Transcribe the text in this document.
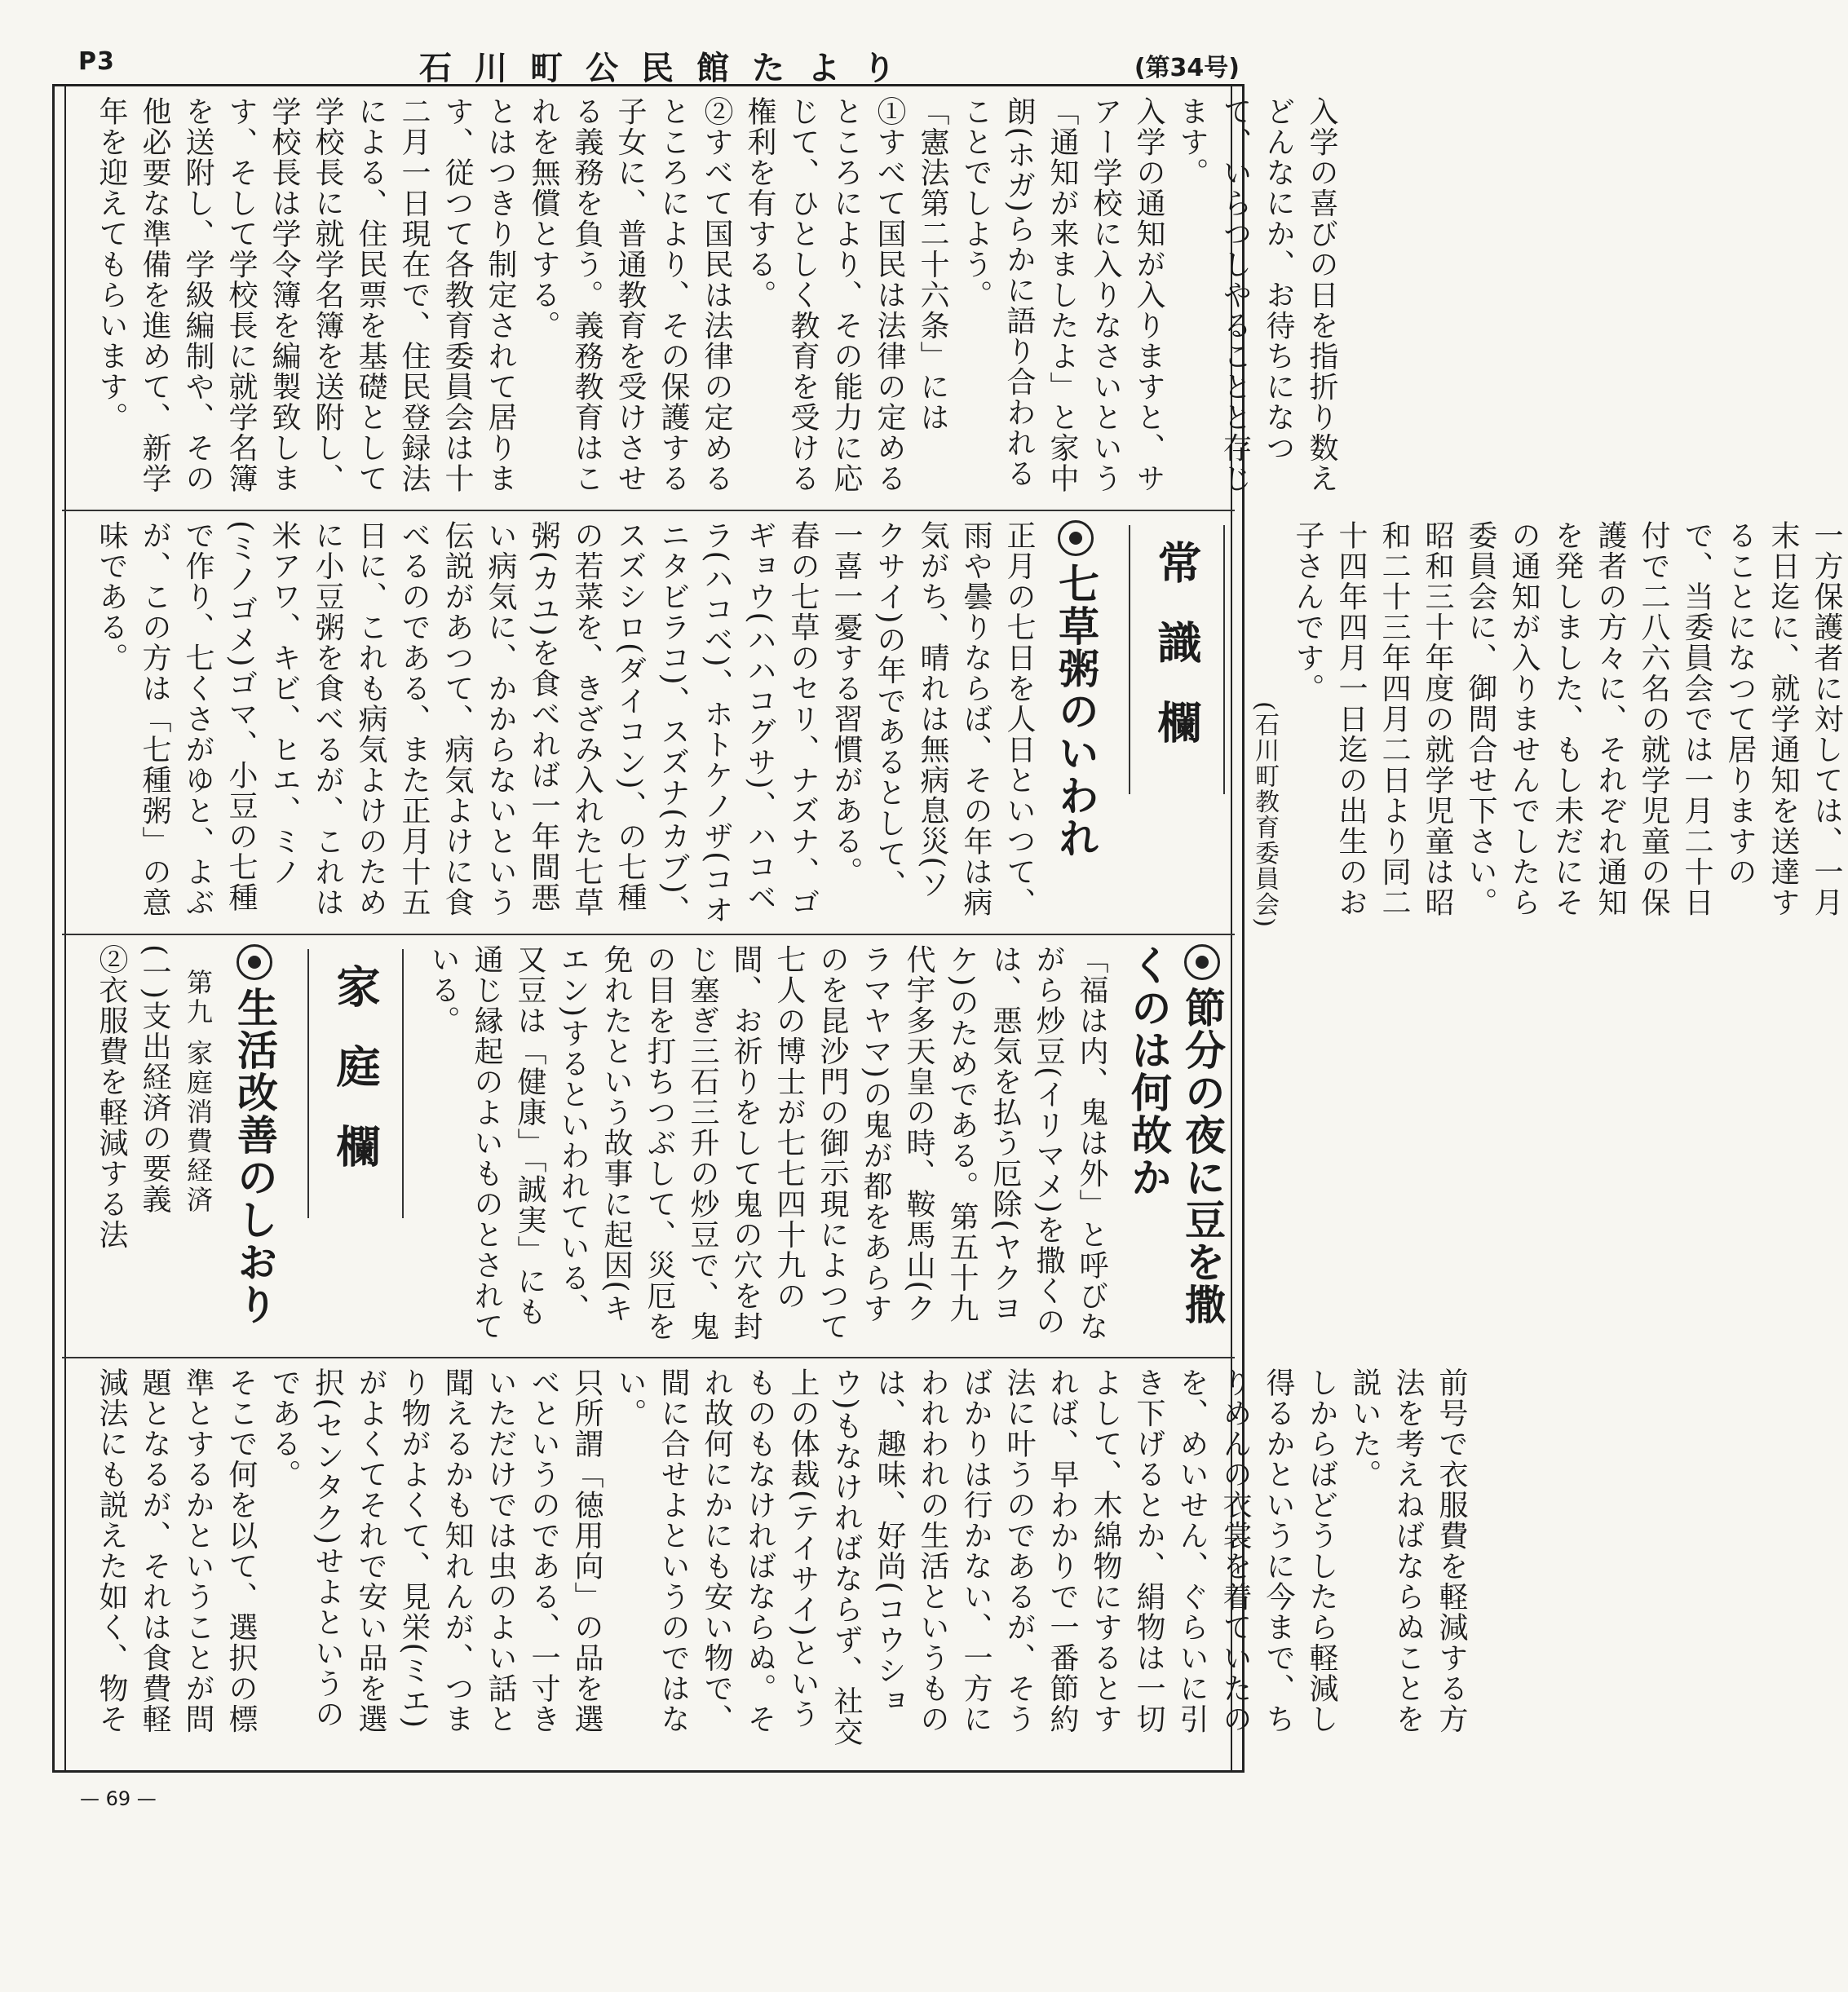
P3	石川町公民館たより	(第34号)

入学の喜びの日を指折り数えどんなにか、お待ちになつて、いらつしやることと存じます。

入学の通知が入りますと、サアー学校に入りなさいという「通知が来ましたよ」と家中朗(ホガ)らかに語り合われることでしよう。

「憲法第二十六条」には

①すべて国民は法律の定めるところにより、その能力に応じて、ひとしく教育を受ける権利を有する。

②すべて国民は法律の定めるところにより、その保護する子女に、普通教育を受けさせる義務を負う。義務教育はこれを無償とする。

とはつきり制定されて居ります、従つて各教育委員会は十二月一日現在で、住民登録法による、住民票を基礎として学校長に就学名簿を送附し、学校長は学令簿を編製致します、そして学校長に就学名簿を送附し、学級編制や、その他必要な準備を進めて、新学年を迎えてもらいます。

一方保護者に対しては、一月末日迄に、就学通知を送達することになつて居りますので、当委員会では一月二十日付で二八六名の就学児童の保護者の方々に、それぞれ通知を発しました、もし未だにその通知が入りませんでしたら委員会に、御問合せ下さい。

昭和三十年度の就学児童は昭和二十三年四月二日より同二十四年四月一日迄の出生のお子さんです。

(石川町教育委員会)

常識欄
七草粥のいわれ

正月の七日を人日といつて、雨や曇りならば、その年は病気がち、晴れは無病息災(ソクサイ)の年であるとして、一喜一憂する習慣がある。

春の七草のセリ、ナズナ、ゴギョウ(ハハコグサ)、ハコベラ(ハコベ)、ホトケノザ(コオニタビラコ)、スズナ(カブ)、スズシロ(ダイコン)、の七種の若菜を、きざみ入れた七草粥(カユ)を食べれば一年間悪い病気に、かからないという伝説があつて、病気よけに食べるのである、また正月十五日に、これも病気よけのために小豆粥を食べるが、これは米アワ、キビ、ヒエ、ミノ(ミノゴメ)ゴマ、小豆の七種で作り、七くさがゆと、よぶが、この方は「七種粥」の意味である。

節分の夜に豆を撒くのは何故か

「福は内、鬼は外」と呼びながら炒豆(イリマメ)を撒くのは、悪気を払う厄除(ヤクヨケ)のためである。第五十九代宇多天皇の時、鞍馬山(クラマヤマ)の鬼が都をあらすのを昆沙門の御示現によつて七人の博士が七七四十九の間、お祈りをして鬼の穴を封じ塞ぎ三石三升の炒豆で、鬼の目を打ちつぶして、災厄を免れたという故事に起因(キエン)するといわれている、又豆は「健康」「誠実」にも通じ縁起のよいものとされている。

家庭欄
生活改善のしおり

第九 家庭消費経済

(一)支出経済の要義

②衣服費を軽減する法

前号で衣服費を軽減する方法を考えねばならぬことを説いた。

しからばどうしたら軽減し得るかというに今まで、ちりめんの衣裳を着ていたのを、めいせん、ぐらいに引き下げるとか、絹物は一切よして、木綿物にするとすれば、早わかりで一番節約法に叶うのであるが、そうばかりは行かない、一方にわれわれの生活というものは、趣味、好尚(コウショウ)もなければならず、社交上の体裁(テイサイ)というものもなければならぬ。それ故何にかにも安い物で、間に合せよというのではない。

只所謂「徳用向」の品を選べというのである、一寸きいただけでは虫のよい話と聞えるかも知れんが、つまり物がよくて、見栄(ミエ)がよくてそれで安い品を選択(センタク)せよというのである。

そこで何を以て、選択の標準とするかということが問題となるが、それは食費軽減法にも説えた如く、物そ

— 69 —
